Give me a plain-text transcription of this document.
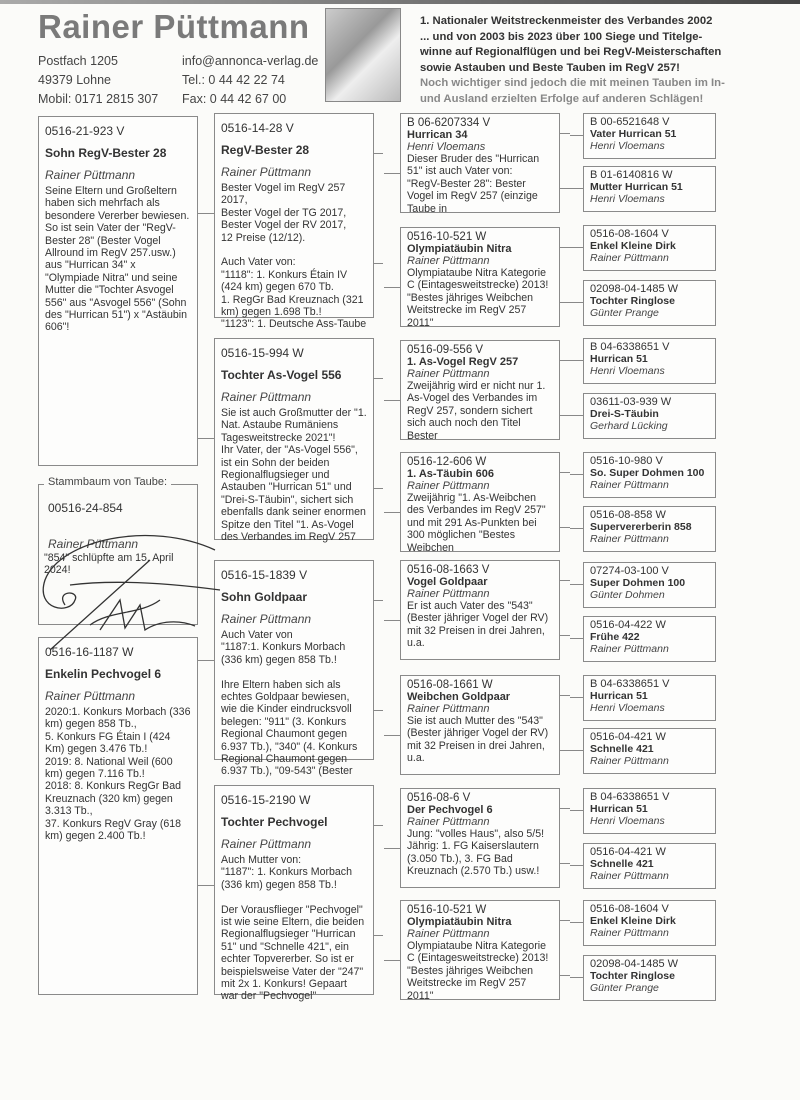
Rainer Püttmann
Postfach 1205
49379 Lohne
Mobil: 0171 2815 307
info@annonca-verlag.de
Tel.: 0 44 42 22 74
Fax: 0 44 42 67 00
1. Nationaler Weitstreckenmeister des Verbandes 2002
... und von 2003 bis 2023 über 100 Siege und Titelge-
winne auf Regionalflügen und bei RegV-Meisterschaften
sowie Astauben und Beste Tauben im RegV 257!
Noch wichtiger sind jedoch die mit meinen Tauben im In-
und Ausland erzielten Erfolge auf anderen Schlägen!
0516-21-923 V
Sohn RegV-Bester 28
Rainer Püttmann
Seine Eltern und Großeltern haben sich mehrfach als besondere Vererber bewiesen. So ist sein Vater der "RegV-Bester 28" (Bester Vogel Allround im RegV 257.usw.) aus "Hurrican 34" x "Olympiade Nitra" und seine Mutter die "Tochter Asvogel 556" aus "Asvogel 556" (Sohn des "Hurrican 51") x "Astäubin 606"!
0516-16-1187 W
Enkelin Pechvogel 6
Rainer Püttmann
2020:1. Konkurs Morbach (336 km) gegen 858 Tb.,
5. Konkurs FG Étain I (424 Km) gegen 3.476 Tb.!
2019: 8. National Weil (600 km) gegen 7.116 Tb.!
2018: 8. Konkurs RegGr Bad Kreuznach (320 km) gegen 3.313 Tb.,
37. Konkurs RegV Gray (618 km) gegen 2.400 Tb.!
0516-14-28 V
RegV-Bester 28
Rainer Püttmann
Bester Vogel im RegV 257 2017,
Bester Vogel der TG 2017,
Bester Vogel der RV 2017,
12 Preise (12/12).

Auch Vater von:
"1118": 1. Konkurs Étain IV (424 km) gegen 670 Tb.
1. RegGr Bad Kreuznach (321 km) gegen 1.698 Tb.!
"1123": 1. Deutsche Ass-Taube
0516-15-994 W
Tochter As-Vogel 556
Rainer Püttmann
Sie ist auch Großmutter der "1. Nat. Astaube Rumäniens Tagesweitstrecke 2021"!
Ihr Vater, der "As-Vogel 556", ist ein Sohn der beiden Regionalflugsieger und Astauben "Hurrican 51" und "Drei-S-Täubin", sichert sich ebenfalls dank seiner enormen Spitze den Titel "1. As-Vogel des Verbandes im RegV 257
0516-15-1839 V
Sohn Goldpaar
Rainer Püttmann
Auch Vater von
"1187:1. Konkurs Morbach (336 km) gegen 858 Tb.!

Ihre Eltern haben sich als echtes Goldpaar bewiesen, wie die Kinder eindrucksvoll belegen: "911" (3. Konkurs Regional Chaumont gegen 6.937 Tb.), "340" (4. Konkurs Regional Chaumont gegen 6.937 Tb.), "09-543" (Bester
0516-15-2190 W
Tochter Pechvogel
Rainer Püttmann
Auch Mutter von:
"1187": 1. Konkurs Morbach (336 km) gegen 858 Tb.!

Der Vorausflieger "Pechvogel" ist wie seine Eltern, die beiden Regionalflugsieger "Hurrican 51" und "Schnelle 421", ein echter Topvererber. So ist er beispielsweise Vater der "247" mit 2x 1. Konkurs! Gepaart war der "Pechvogel"
B 06-6207334 V
Hurrican 34
Henri Vloemans
Dieser Bruder des "Hurrican 51" ist auch Vater von:
"RegV-Bester 28": Bester Vogel im RegV 257 (einzige Taube in
0516-10-521 W
Olympiatäubin Nitra
Rainer Püttmann
Olympiataube Nitra Kategorie C (Eintagesweitstrecke) 2013!
"Bestes jähriges Weibchen Weitstrecke im RegV 257 2011"
0516-09-556 V
1. As-Vogel RegV 257
Rainer Püttmann
Zweijährig wird er nicht nur 1. As-Vogel des Verbandes im RegV 257, sondern sichert sich auch noch den Titel Bester
0516-12-606 W
1. As-Täubin 606
Rainer Püttmann
Zweijährig "1. As-Weibchen des Verbandes im RegV 257" und mit 291 As-Punkten bei 300 möglichen "Bestes Weibchen
0516-08-1663 V
Vogel Goldpaar
Rainer Püttmann
Er ist auch Vater des "543" (Bester jähriger Vogel der RV) mit 32 Preisen in drei Jahren, u.a.
0516-08-1661 W
Weibchen Goldpaar
Rainer Püttmann
Sie ist auch Mutter des "543" (Bester jähriger Vogel der RV) mit 32 Preisen in drei Jahren, u.a.
0516-08-6 V
Der Pechvogel 6
Rainer Püttmann
Jung: "volles Haus", also 5/5!
Jährig: 1. FG Kaiserslautern (3.050 Tb.), 3. FG Bad Kreuznach (2.570 Tb.) usw.!
0516-10-521 W
Olympiatäubin Nitra
Rainer Püttmann
Olympiataube Nitra Kategorie C (Eintagesweitstrecke) 2013!
"Bestes jähriges Weibchen Weitstrecke im RegV 257 2011"
B 00-6521648 V
Vater Hurrican 51
Henri Vloemans
B 01-6140816 W
Mutter Hurrican 51
Henri Vloemans
0516-08-1604 V
Enkel Kleine Dirk
Rainer Püttmann
02098-04-1485 W
Tochter Ringlose
Günter Prange
B 04-6338651 V
Hurrican 51
Henri Vloemans
03611-03-939 W
Drei-S-Täubin
Gerhard Lücking
0516-10-980 V
So. Super Dohmen 100
Rainer Püttmann
0516-08-858 W
Supervererberin 858
Rainer Püttmann
07274-03-100 V
Super Dohmen 100
Günter Dohmen
0516-04-422 W
Frühe 422
Rainer Püttmann
B 04-6338651 V
Hurrican 51
Henri Vloemans
0516-04-421 W
Schnelle 421
Rainer Püttmann
B 04-6338651 V
Hurrican 51
Henri Vloemans
0516-04-421 W
Schnelle 421
Rainer Püttmann
0516-08-1604 V
Enkel Kleine Dirk
Rainer Püttmann
02098-04-1485 W
Tochter Ringlose
Günter Prange
00516-24-854
Rainer Püttmann
"854" schlüpfte am 15. April 2024!
Stammbaum von Taube:
